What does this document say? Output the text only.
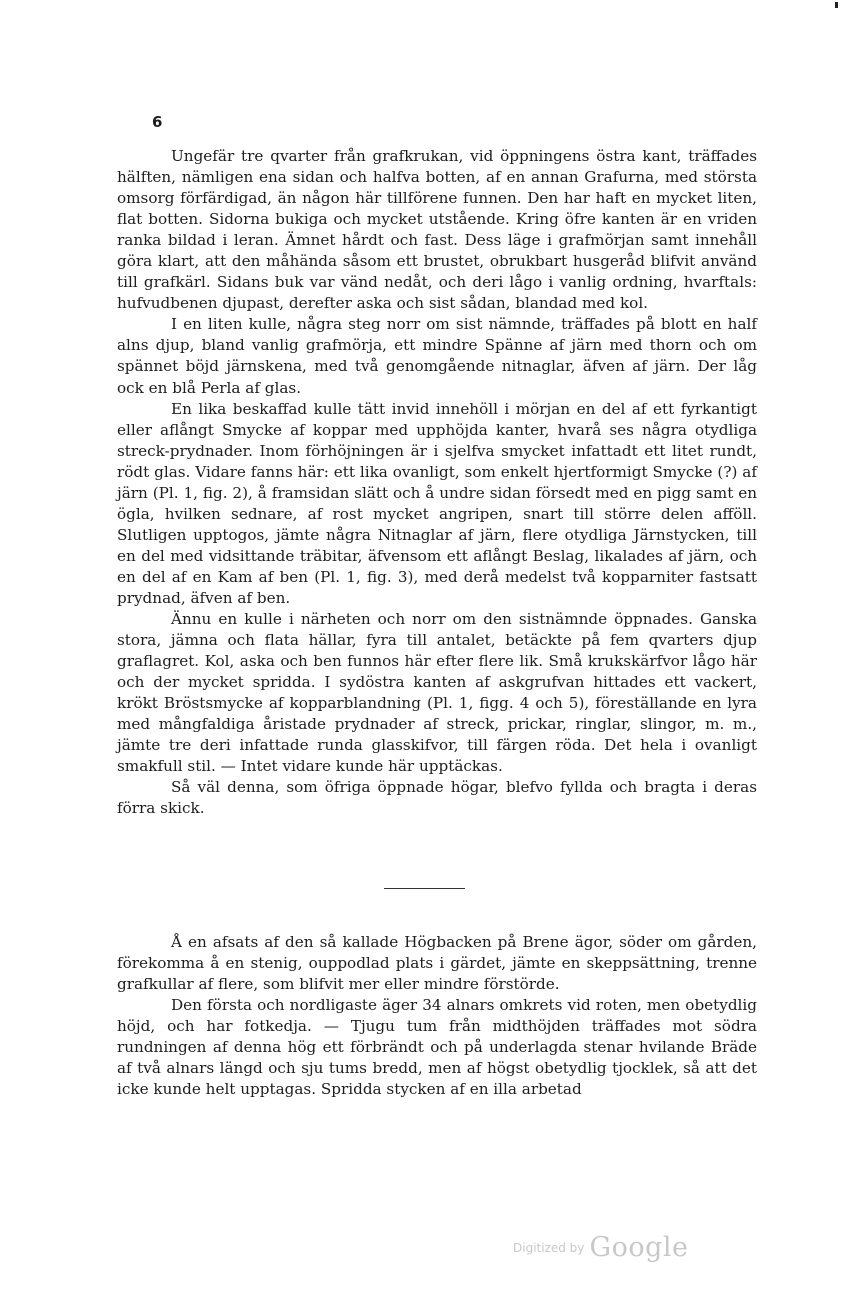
6

Ungefär tre qvarter från grafkrukan, vid öppningens östra kant, träffades hälften, nämligen ena sidan och halfva botten, af en annan Grafurna, med största omsorg förfärdigad, än någon här tillförene funnen. Den har haft en mycket liten, flat botten. Sidorna bukiga och mycket utstående. Kring öfre kanten är en vriden ranka bildad i leran. Ämnet hårdt och fast. Dess läge i grafmörjan samt innehåll göra klart, att den måhända såsom ett brustet, obrukbart husgeråd blifvit använd till grafkärl. Sidans buk var vänd nedåt, och deri lågo i vanlig ordning, hvarftals: hufvudbenen djupast, derefter aska och sist sådan, blandad med kol.

I en liten kulle, några steg norr om sist nämnde, träffades på blott en half alns djup, bland vanlig grafmörja, ett mindre Spänne af järn med thorn och om spännet böjd järnskena, med två genomgående nitnaglar, äfven af järn. Der låg ock en blå Perla af glas.

En lika beskaffad kulle tätt invid innehöll i mörjan en del af ett fyrkantigt eller aflångt Smycke af koppar med upphöjda kanter, hvarå ses några otydliga streck-prydnader. Inom förhöjningen är i sjelfva smycket infattadt ett litet rundt, rödt glas. Vidare fanns här: ett lika ovanligt, som enkelt hjertformigt Smycke (?) af järn (Pl. 1, fig. 2), å framsidan slätt och å undre sidan försedt med en pigg samt en ögla, hvilken sednare, af rost mycket angripen, snart till större delen afföll. Slutligen upptogos, jämte några Nitnaglar af järn, flere otydliga Järnstycken, till en del med vidsittande träbitar, äfvensom ett aflångt Beslag, likalades af järn, och en del af en Kam af ben (Pl. 1, fig. 3), med derå medelst två kopparniter fastsatt prydnad, äfven af ben.

Ännu en kulle i närheten och norr om den sistnämnde öppnades. Ganska stora, jämna och flata hällar, fyra till antalet, betäckte på fem qvarters djup graflagret. Kol, aska och ben funnos här efter flere lik. Små krukskärfvor lågo här och der mycket spridda. I sydöstra kanten af askgrufvan hittades ett vackert, krökt Bröstsmycke af kopparblandning (Pl. 1, figg. 4 och 5), föreställande en lyra med mångfaldiga åristade prydnader af streck, prickar, ringlar, slingor, m. m., jämte tre deri infattade runda glasskifvor, till färgen röda. Det hela i ovanligt smakfull stil. — Intet vidare kunde här upptäckas.

Så väl denna, som öfriga öppnade högar, blefvo fyllda och bragta i deras förra skick.

Å en afsats af den så kallade Högbacken på Brene ägor, söder om gården, förekomma å en stenig, ouppodlad plats i gärdet, jämte en skeppsättning, trenne grafkullar af flere, som blifvit mer eller mindre förstörde.

Den första och nordligaste äger 34 alnars omkrets vid roten, men obetydlig höjd, och har fotkedja. — Tjugu tum från midthöjden träffades mot södra rundningen af denna hög ett förbrändt och på underlagda stenar hvilande Bräde af två alnars längd och sju tums bredd, men af högst obetydlig tjocklek, så att det icke kunde helt upptagas. Spridda stycken af en illa arbetad

$^{Digitized by}$ Google
